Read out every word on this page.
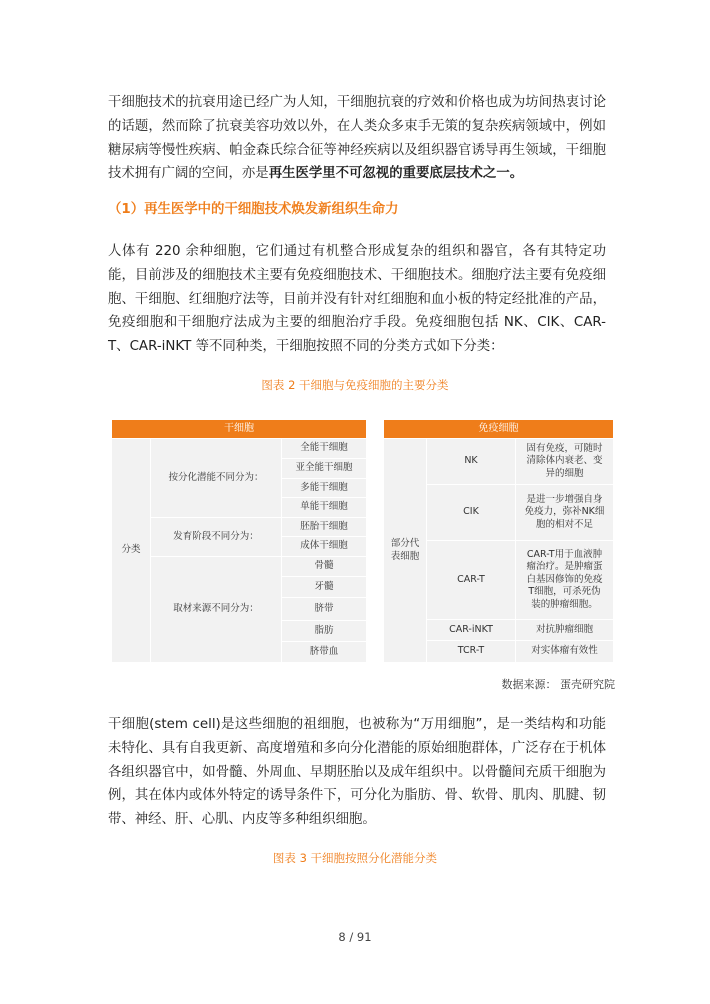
干细胞技术的抗衰用途已经广为人知，干细胞抗衰的疗效和价格也成为坊间热衷讨论的话题，然而除了抗衰美容功效以外，在人类众多束手无策的复杂疾病领域中，例如糖尿病等慢性疾病、帕金森氏综合征等神经疾病以及组织器官诱导再生领域，干细胞技术拥有广阔的空间，亦是再生医学里不可忽视的重要底层技术之一。

（1）再生医学中的干细胞技术焕发新组织生命力

人体有 220 余种细胞，它们通过有机整合形成复杂的组织和器官，各有其特定功能，目前涉及的细胞技术主要有免疫细胞技术、干细胞技术。细胞疗法主要有免疫细胞、干细胞、红细胞疗法等，目前并没有针对红细胞和血小板的特定经批准的产品，免疫细胞和干细胞疗法成为主要的细胞治疗手段。免疫细胞包括 NK、CIK、CAR-T、CAR-iNKT 等不同种类，干细胞按照不同的分类方式如下分类：

图表 2 干细胞与免疫细胞的主要分类

干细胞
分类
按分化潜能不同分为：
发育阶段不同分为：
取材来源不同分为：
全能干细胞
亚全能干细胞
多能干细胞
单能干细胞
胚胎干细胞
成体干细胞
骨髓
牙髓
脐带
脂肪
脐带血
免疫细胞
部分代表细胞
NK
固有免疫，可随时清除体内衰老、变异的细胞
CIK
是进一步增强自身免疫力，弥补NK细胞的相对不足
CAR-T
CAR-T用于血液肿瘤治疗。是肿瘤蛋白基因修饰的免疫T细胞，可杀死伪装的肿瘤细胞。
CAR-iNKT	对抗肿瘤细胞
TCR-T	对实体瘤有效性

数据来源： 蛋壳研究院

干细胞(stem cell)是这些细胞的祖细胞，也被称为“万用细胞”，是一类结构和功能未特化、具有自我更新、高度增殖和多向分化潜能的原始细胞群体，广泛存在于机体各组织器官中，如骨髓、外周血、早期胚胎以及成年组织中。以骨髓间充质干细胞为例，其在体内或体外特定的诱导条件下，可分化为脂肪、骨、软骨、肌肉、肌腱、韧带、神经、肝、心肌、内皮等多种组织细胞。

图表 3 干细胞按照分化潜能分类

8 / 91
